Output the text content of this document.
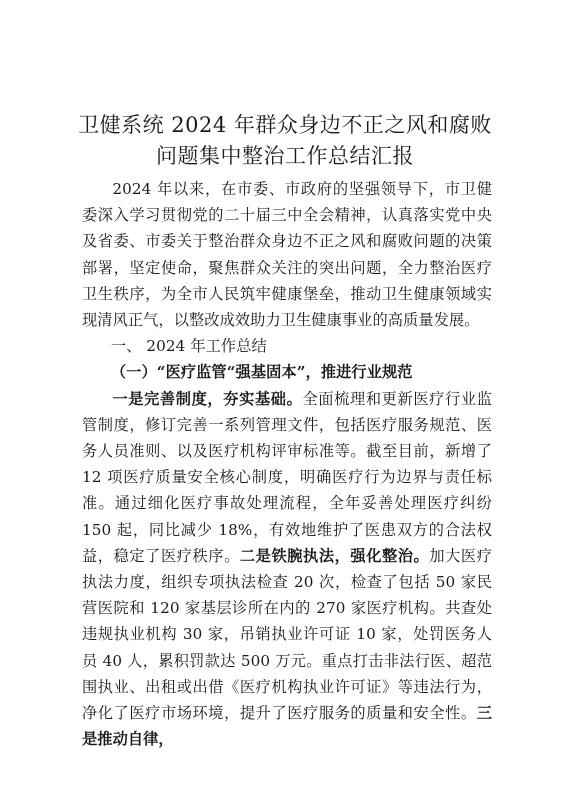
卫健系统 2024 年群众身边不正之风和腐败
问题集中整治工作总结汇报

2024 年以来，在市委、市政府的坚强领导下，市卫健委深入学习贯彻党的二十届三中全会精神，认真落实党中央及省委、市委关于整治群众身边不正之风和腐败问题的决策部署，坚定使命，聚焦群众关注的突出问题，全力整治医疗卫生秩序，为全市人民筑牢健康堡垒，推动卫生健康领域实现清风正气，以整改成效助力卫生健康事业的高质量发展。

一、 2024 年工作总结

（一）“医疗监管“强基固本”，推进行业规范

一是完善制度，夯实基础。全面梳理和更新医疗行业监管制度，修订完善一系列管理文件，包括医疗服务规范、医务人员准则、以及医疗机构评审标准等。截至目前，新增了 12 项医疗质量安全核心制度，明确医疗行为边界与责任标准。通过细化医疗事故处理流程，全年妥善处理医疗纠纷 150 起，同比减少 18%，有效地维护了医患双方的合法权益，稳定了医疗秩序。二是铁腕执法，强化整治。加大医疗执法力度，组织专项执法检查 20 次，检查了包括 50 家民营医院和 120 家基层诊所在内的 270 家医疗机构。共查处违规执业机构 30 家，吊销执业许可证 10 家，处罚医务人员 40 人，累积罚款达 500 万元。重点打击非法行医、超范围执业、出租或出借《医疗机构执业许可证》等违法行为，净化了医疗市场环境，提升了医疗服务的质量和安全性。三是推动自律，
